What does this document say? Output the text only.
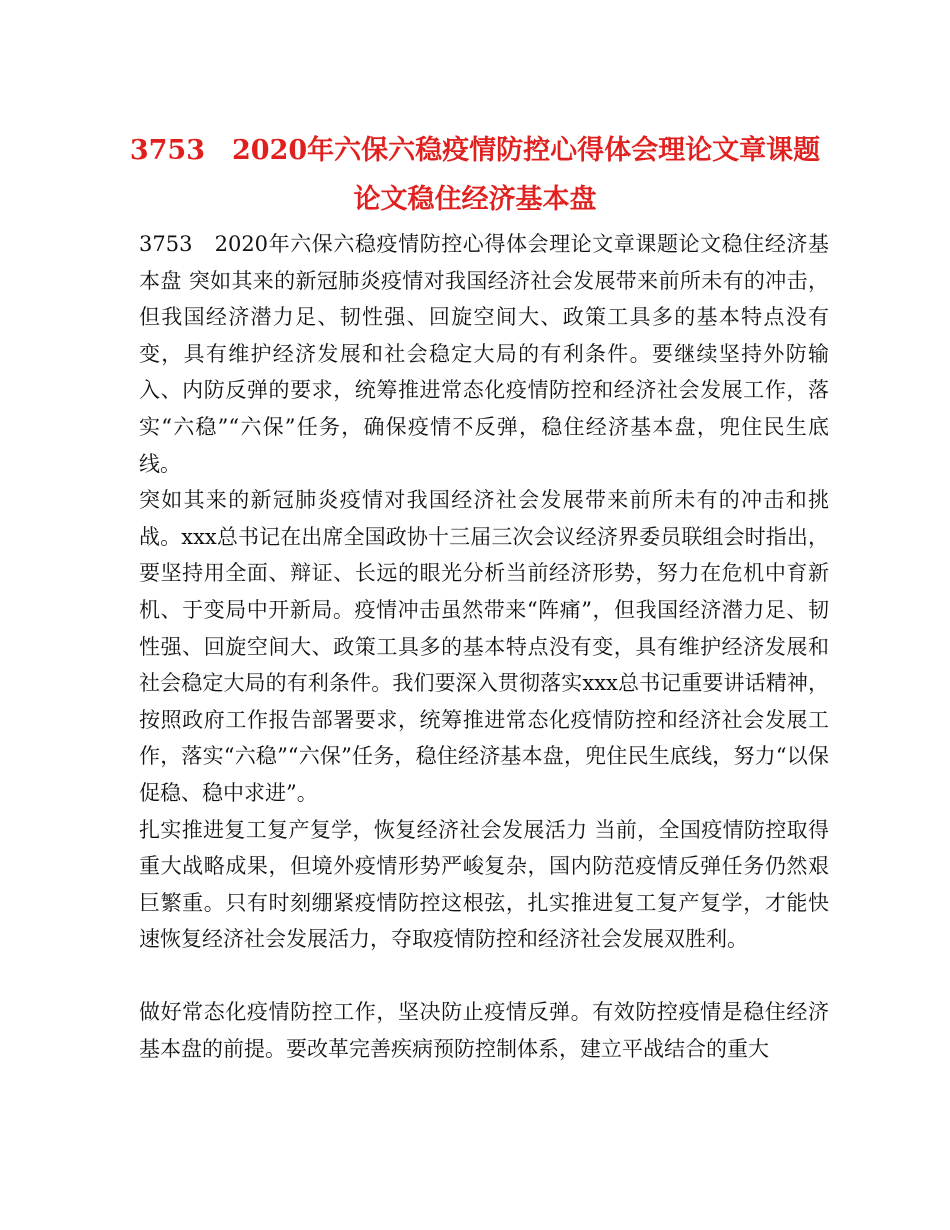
3753　2020年六保六稳疫情防控心得体会理论文章课题论文稳住经济基本盘

3753　2020年六保六稳疫情防控心得体会理论文章课题论文稳住经济基本盘 突如其来的新冠肺炎疫情对我国经济社会发展带来前所未有的冲击，但我国经济潜力足、韧性强、回旋空间大、政策工具多的基本特点没有变，具有维护经济发展和社会稳定大局的有利条件。要继续坚持外防输入、内防反弹的要求，统筹推进常态化疫情防控和经济社会发展工作，落实“六稳”“六保”任务，确保疫情不反弹，稳住经济基本盘，兜住民生底线。

突如其来的新冠肺炎疫情对我国经济社会发展带来前所未有的冲击和挑战。xxx总书记在出席全国政协十三届三次会议经济界委员联组会时指出，要坚持用全面、辩证、长远的眼光分析当前经济形势，努力在危机中育新机、于变局中开新局。疫情冲击虽然带来“阵痛”，但我国经济潜力足、韧性强、回旋空间大、政策工具多的基本特点没有变，具有维护经济发展和社会稳定大局的有利条件。我们要深入贯彻落实xxx总书记重要讲话精神，按照政府工作报告部署要求，统筹推进常态化疫情防控和经济社会发展工作，落实“六稳”“六保”任务，稳住经济基本盘，兜住民生底线，努力“以保促稳、稳中求进”。

扎实推进复工复产复学，恢复经济社会发展活力 当前，全国疫情防控取得重大战略成果，但境外疫情形势严峻复杂，国内防范疫情反弹任务仍然艰巨繁重。只有时刻绷紧疫情防控这根弦，扎实推进复工复产复学，才能快速恢复经济社会发展活力，夺取疫情防控和经济社会发展双胜利。

做好常态化疫情防控工作，坚决防止疫情反弹。有效防控疫情是稳住经济基本盘的前提。要改革完善疾病预防控制体系，建立平战结合的重大
